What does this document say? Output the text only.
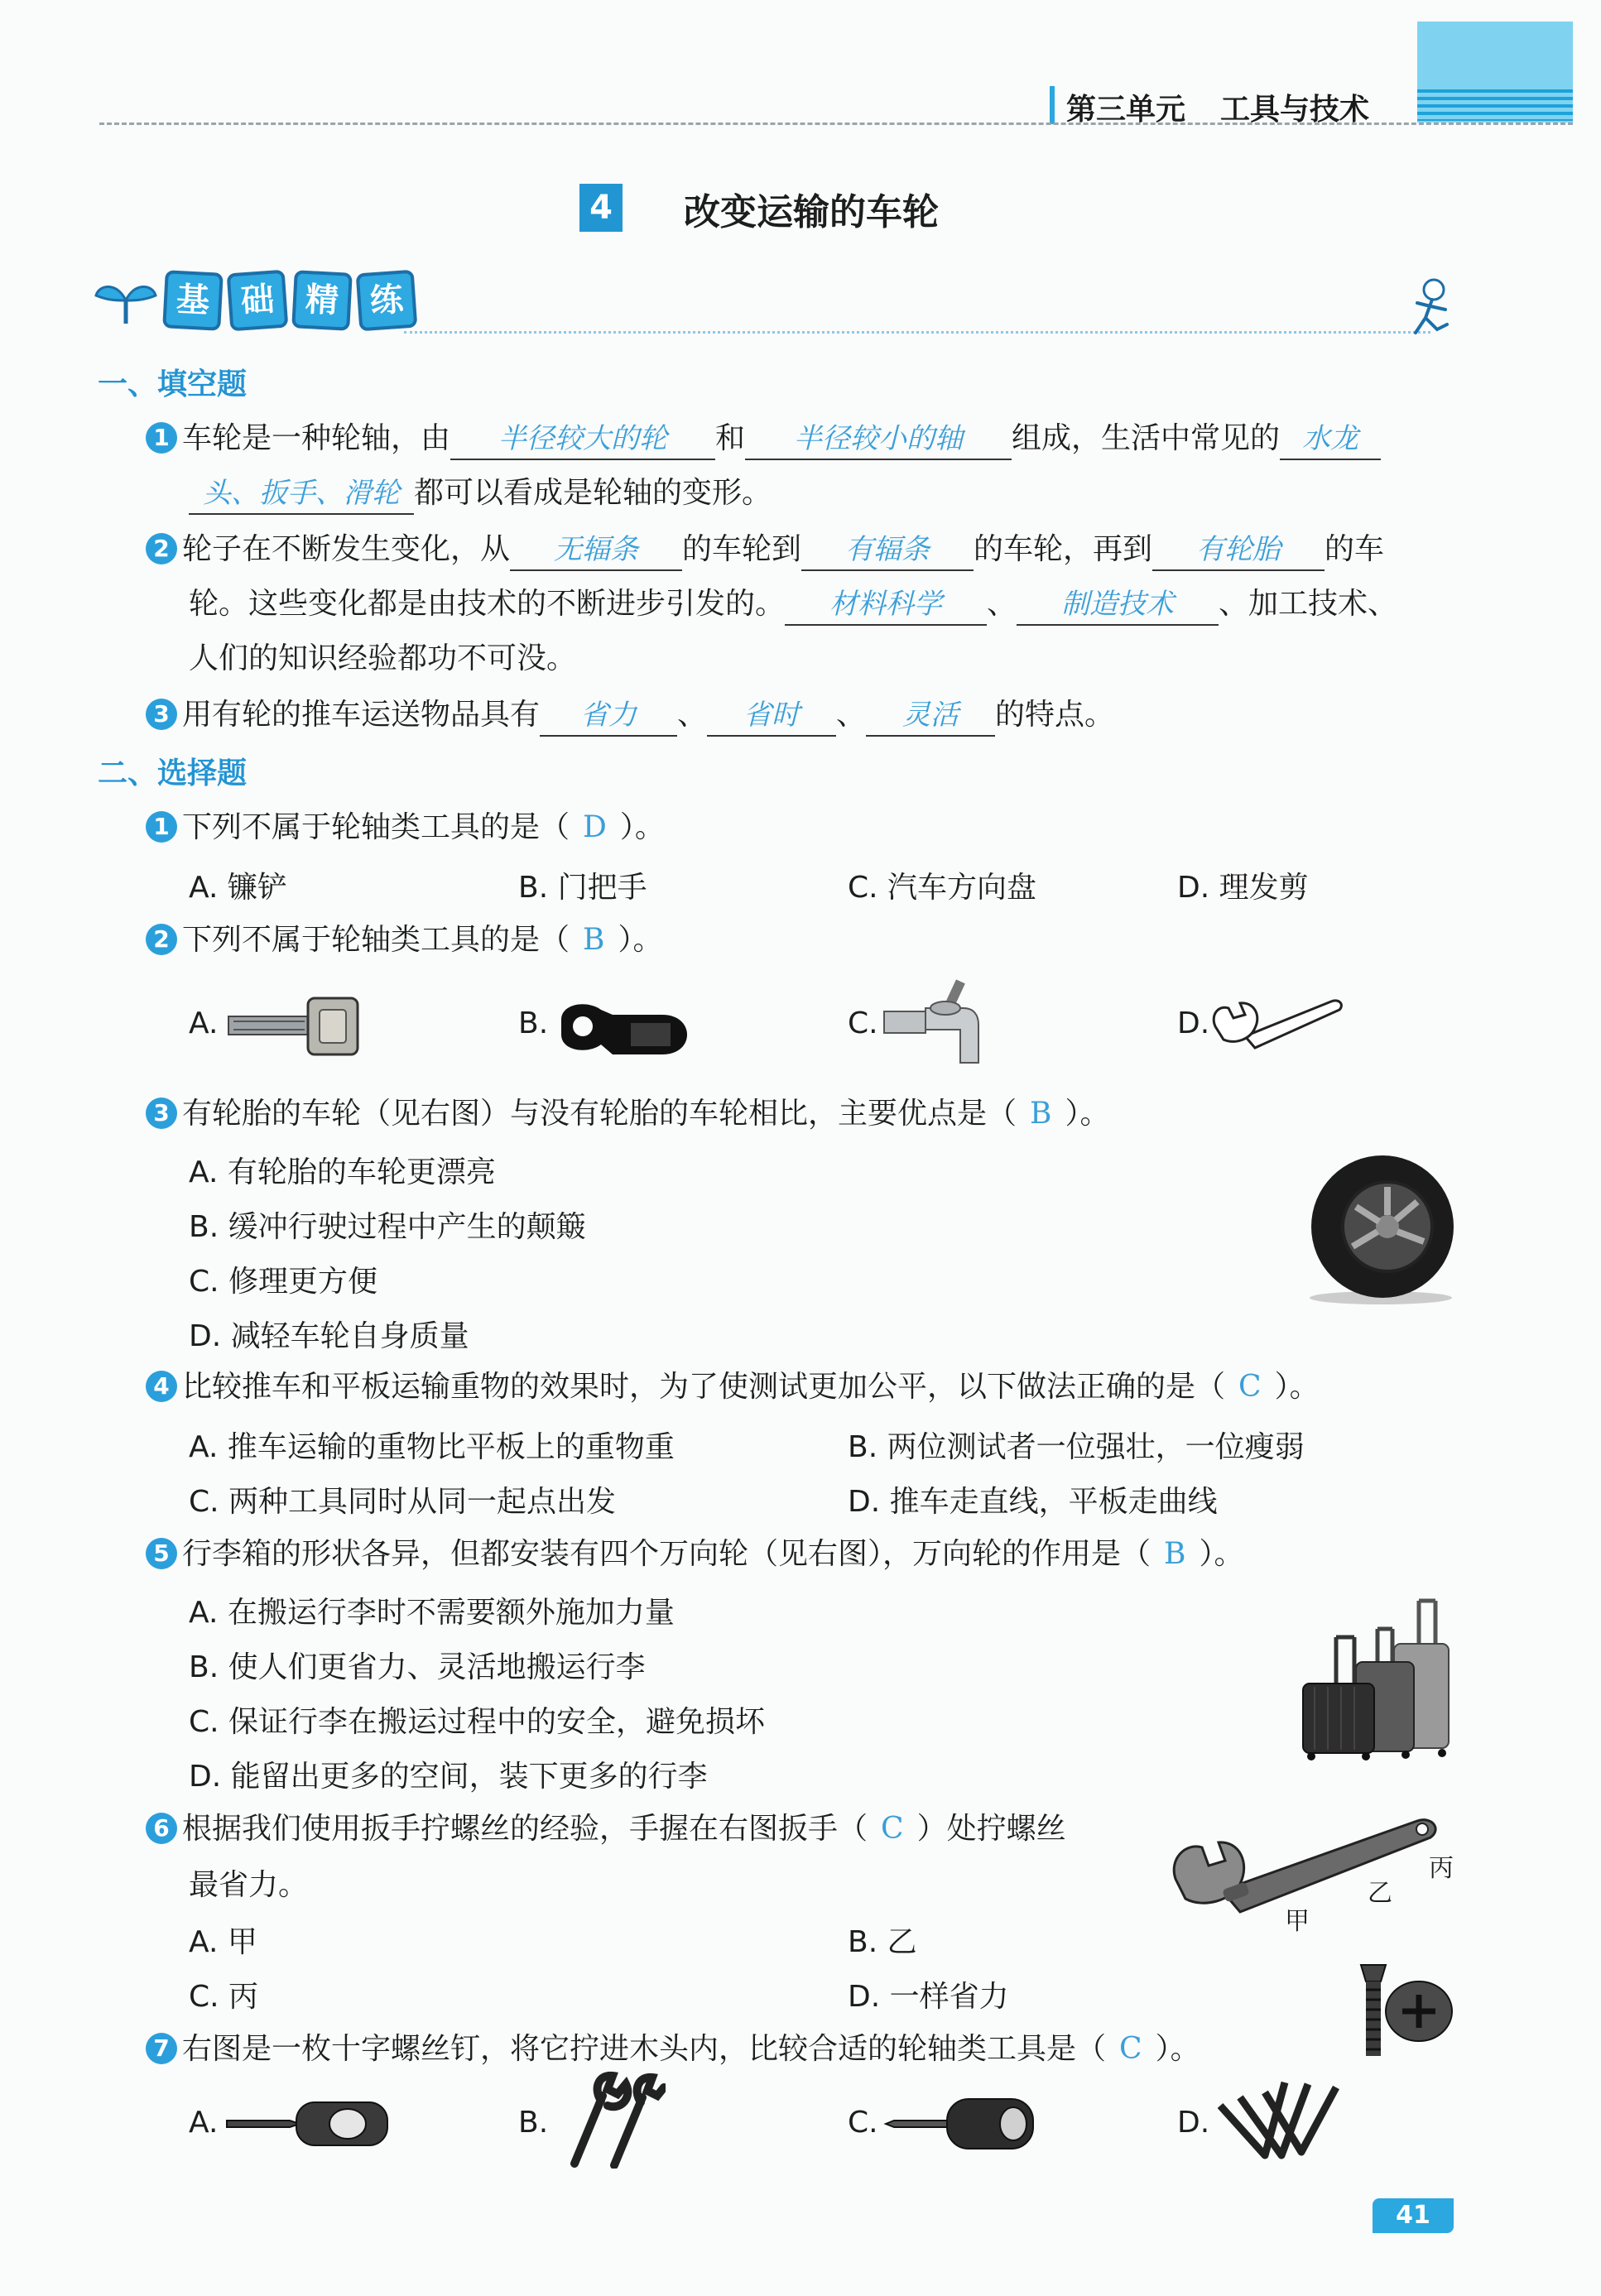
第三单元 工具与技术
4 改变运输的车轮
基 础 精 练
一、填空题
1 车轮是一种轮轴，由 半径较大的轮 和 半径较小的轴 组成，生活中常见的 水龙
头、扳手、滑轮 都可以看成是轮轴的变形。
2 轮子在不断发生变化，从 无辐条 的车轮到 有辐条 的车轮，再到 有轮胎 的车
轮。这些变化都是由技术的不断进步引发的。 材料科学 、 制造技术 、加工技术、
人们的知识经验都功不可没。
3 用有轮的推车运送物品具有 省力 、 省时 、 灵活 的特点。
二、选择题
1 下列不属于轮轴类工具的是（ D ）。
A. 镰铲	B. 门把手	C. 汽车方向盘	D. 理发剪
2 下列不属于轮轴类工具的是（ B ）。
A.	B.	C.	D.
3 有轮胎的车轮（见右图）与没有轮胎的车轮相比，主要优点是（ B ）。
A. 有轮胎的车轮更漂亮
B. 缓冲行驶过程中产生的颠簸
C. 修理更方便
D. 减轻车轮自身质量
4 比较推车和平板运输重物的效果时，为了使测试更加公平，以下做法正确的是（ C ）。
A. 推车运输的重物比平板上的重物重	B. 两位测试者一位强壮，一位瘦弱
C. 两种工具同时从同一起点出发	D. 推车走直线，平板走曲线
5 行李箱的形状各异，但都安装有四个万向轮（见右图），万向轮的作用是（ B ）。
A. 在搬运行李时不需要额外施加力量
B. 使人们更省力、灵活地搬运行李
C. 保证行李在搬运过程中的安全，避免损坏
D. 能留出更多的空间，装下更多的行李
6 根据我们使用扳手拧螺丝的经验，手握在右图扳手（ C ）处拧螺丝
最省力。
A. 甲	B. 乙
C. 丙	D. 一样省力
甲
乙
丙
7 右图是一枚十字螺丝钉，将它拧进木头内，比较合适的轮轴类工具是（ C ）。
A.	B.	C.	D.
41
